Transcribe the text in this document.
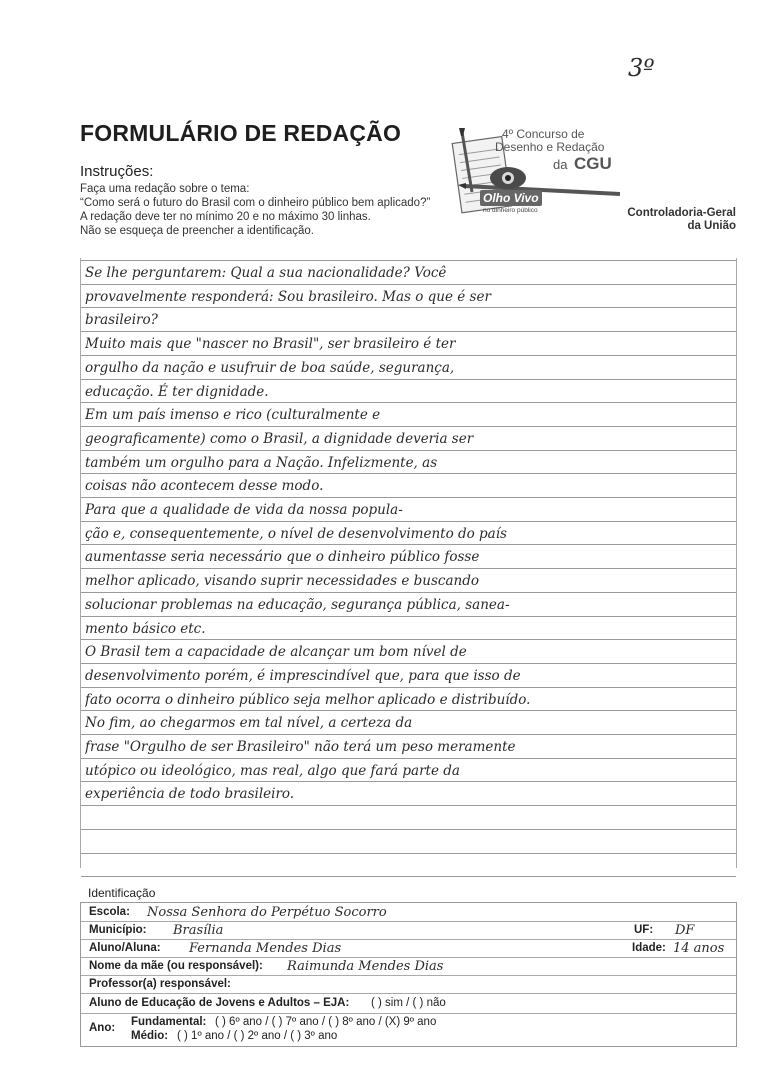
3º
FORMULÁRIO DE REDAÇÃO
Instruções:
Faça uma redação sobre o tema:
“Como será o futuro do Brasil com o dinheiro público bem aplicado?”
A redação deve ter no mínimo 20 e no máximo 30 linhas.
Não se esqueça de preencher a identificação.
Olho Vivo
no dinheiro público
4º Concurso de
Desenho e Redação
da CGU
Controladoria-Geral
da União
Se lhe perguntarem: Qual a sua nacionalidade? Você
provavelmente responderá: Sou brasileiro. Mas o que é ser
brasileiro?
Muito mais que "nascer no Brasil", ser brasileiro é ter
orgulho da nação e usufruir de boa saúde, segurança,
educação. É ter dignidade.
Em um país imenso e rico (culturalmente e
geograficamente) como o Brasil, a dignidade deveria ser
também um orgulho para a Nação. Infelizmente, as
coisas não acontecem desse modo.
Para que a qualidade de vida da nossa popula-
ção e, consequentemente, o nível de desenvolvimento do país
aumentasse seria necessário que o dinheiro público fosse
melhor aplicado, visando suprir necessidades e buscando
solucionar problemas na educação, segurança pública, sanea-
mento básico etc.
O Brasil tem a capacidade de alcançar um bom nível de
desenvolvimento porém, é imprescindível que, para que isso de
fato ocorra o dinheiro público seja melhor aplicado e distribuído.
No fim, ao chegarmos em tal nível, a certeza da
frase "Orgulho de ser Brasileiro" não terá um peso meramente
utópico ou ideológico, mas real, algo que fará parte da
experiência de todo brasileiro.
Identificação
Escola: Nossa Senhora do Perpétuo Socorro
Município: Brasília	UF: DF
Aluno/Aluna: Fernanda Mendes Dias	Idade: 14 anos
Nome da mãe (ou responsável): Raimunda Mendes Dias
Professor(a) responsável:
Aluno de Educação de Jovens e Adultos – EJA: ( ) sim / ( ) não
Ano: Fundamental: ( ) 6º ano / ( ) 7º ano / ( ) 8º ano / (X) 9º ano
Médio: ( ) 1º ano / ( ) 2º ano / ( ) 3º ano
